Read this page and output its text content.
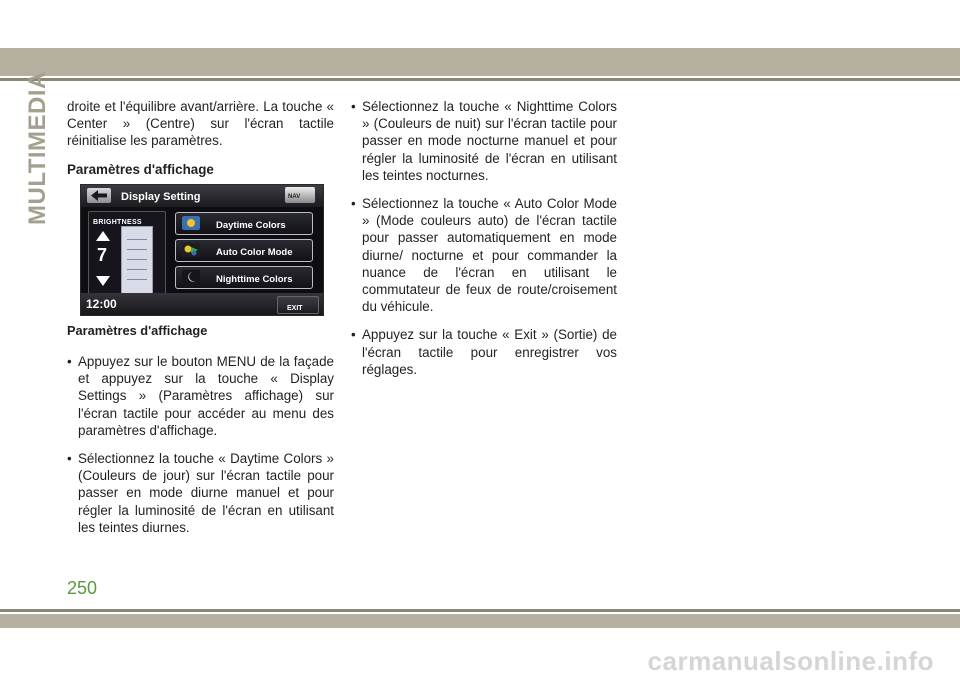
MULTIMEDIA droite et l'équilibre avant/arrière. La touche « Center » (Centre) sur l'écran tactile réinitialise les paramètres.

Paramètres d'affichage

Display Setting	NAV
BRIGHTNESS
7
Daytime Colors
Auto Color Mode
Nighttime Colors
12:00	EXIT

Paramètres d'affichage

• Appuyez sur le bouton MENU de la façade et appuyez sur la touche « Display Settings » (Paramètres affichage) sur l'écran tactile pour accéder au menu des paramètres d'affichage.

• Sélectionnez la touche « Daytime Colors » (Couleurs de jour) sur l'écran tactile pour passer en mode diurne manuel et pour régler la luminosité de l'écran en utilisant les teintes diurnes.

• Sélectionnez la touche « Nighttime Colors » (Couleurs de nuit) sur l'écran tactile pour passer en mode nocturne manuel et pour régler la luminosité de l'écran en utilisant les teintes nocturnes.

• Sélectionnez la touche « Auto Color Mode » (Mode couleurs auto) de l'écran tactile pour passer automatiquement en mode diurne/ nocturne et pour commander la nuance de l'écran en utilisant le commutateur de feux de route/croisement du véhicule.

• Appuyez sur la touche « Exit » (Sortie) de l'écran tactile pour enregistrer vos réglages.

250
carmanualsonline.info
